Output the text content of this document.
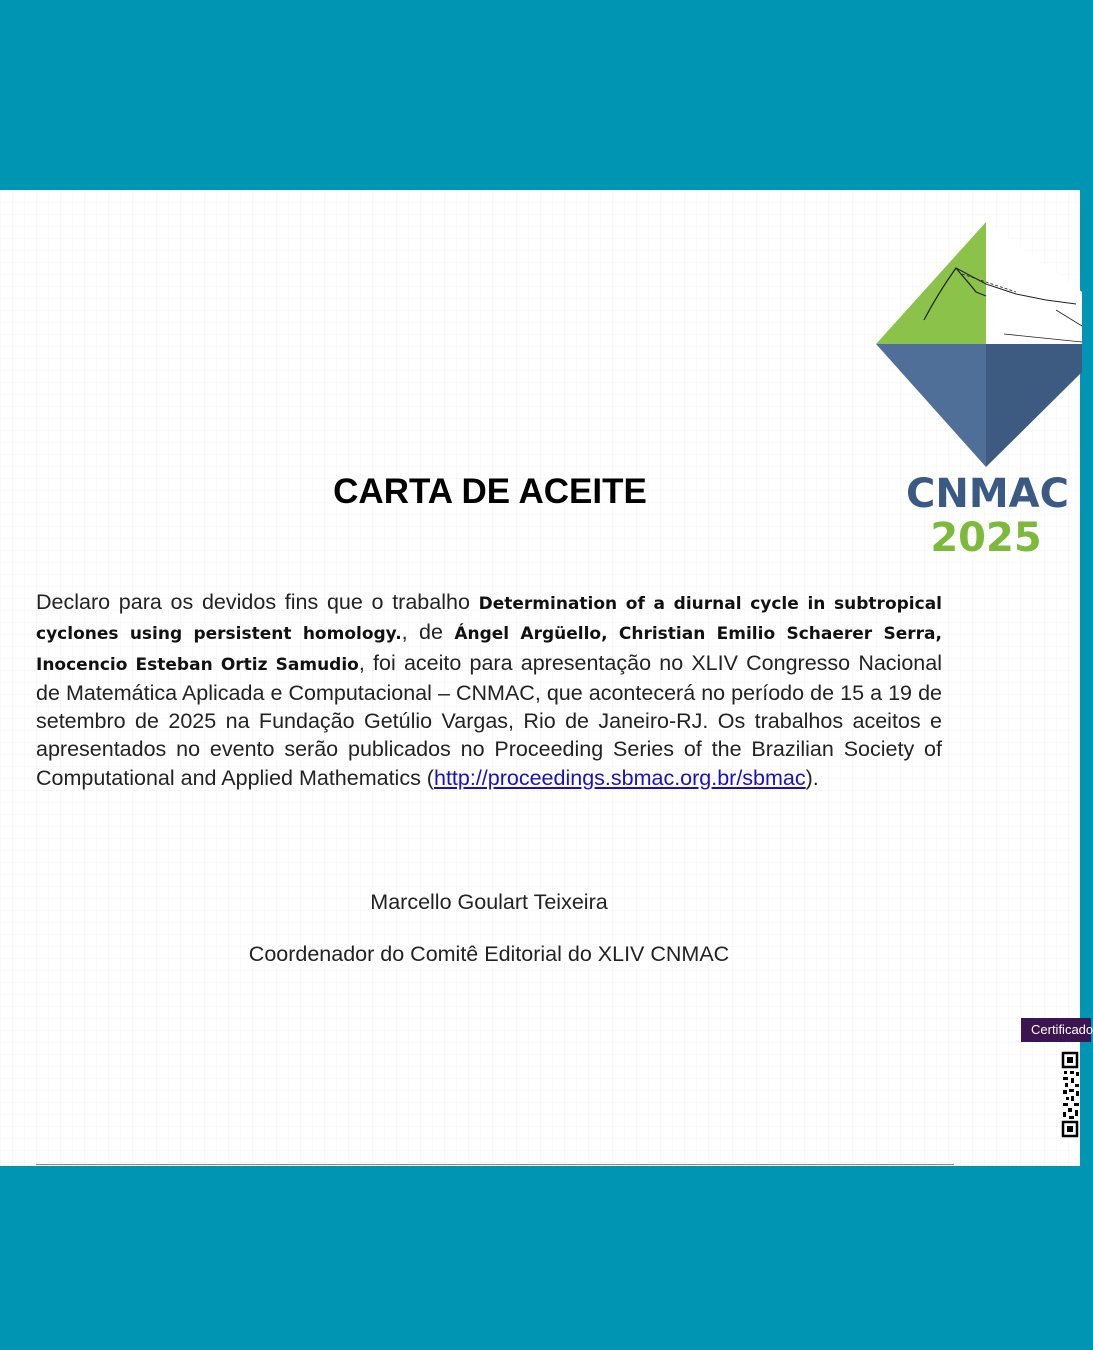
CNMAC
2025
CARTA DE ACEITE
Declaro para os devidos fins que o trabalho Determination of a diurnal cycle in subtropical cyclones using persistent homology., de Ángel Argüello, Christian Emilio Schaerer Serra, Inocencio Esteban Ortiz Samudio, foi aceito para apresentação no XLIV Congresso Nacional de Matemática Aplicada e Computacional – CNMAC, que acontecerá no período de 15 a 19 de setembro de 2025 na Fundação Getúlio Vargas, Rio de Janeiro-RJ. Os trabalhos aceitos e apresentados no evento serão publicados no Proceeding Series of the Brazilian Society of Computational and Applied Mathematics (http://proceedings.sbmac.org.br/sbmac).
Marcello Goulart Teixeira
Coordenador do Comitê Editorial do XLIV CNMAC
Certificado
